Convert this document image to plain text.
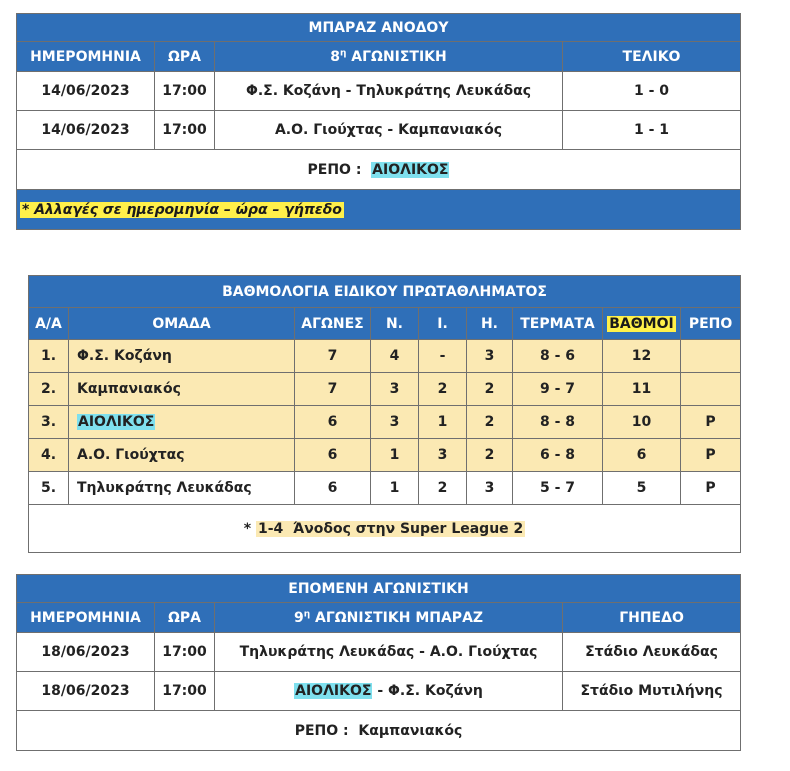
ΜΠΑΡΑΖ ΑΝΟΔΟΥ			
ΗΜΕΡΟΜΗΝΙΑ	ΩΡΑ	$8^\eta$ ΑΓΩΝΙΣΤΙΚΗ	ΤΕΛΙΚΟ
14/06/2023	17:00	Φ.Σ. Κοζάνη - Τηλυκράτης Λευκάδας	1 - 0
14/06/2023	17:00	Α.Ο. Γιούχτας - Καμπανιακός	1 - 1
ΡΕΠΟ : ΑΙΟΛΙΚΟΣ			
* Αλλαγές σε ημερομηνία – ώρα – γήπεδο			
ΒΑΘΜΟΛΟΓΙΑ ΕΙΔΙΚΟΥ ΠΡΩΤΑΘΛΗΜΑΤΟΣ								
Α/Α	ΟΜΑΔΑ	ΑΓΩΝΕΣ	Ν.	Ι.	Η.	ΤΕΡΜΑΤΑ	ΒΑΘΜΟΙ	ΡΕΠΟ
1.	Φ.Σ. Κοζάνη	7	4	-	3	8 - 6	12	
2.	Καμπανιακός	7	3	2	2	9 - 7	11	
3.	ΑΙΟΛΙΚΟΣ	6	3	1	2	8 - 8	10	Ρ
4.	Α.Ο. Γιούχτας	6	1	3	2	6 - 8	6	Ρ
5.	Τηλυκράτης Λευκάδας	6	1	2	3	5 - 7	5	Ρ
* 1-4 Άνοδος στην Super League 2								
ΕΠΟΜΕΝΗ ΑΓΩΝΙΣΤΙΚΗ			
ΗΜΕΡΟΜΗΝΙΑ	ΩΡΑ	$9^\eta$ ΑΓΩΝΙΣΤΙΚΗ ΜΠΑΡΑΖ	ΓΗΠΕΔΟ
18/06/2023	17:00	Τηλυκράτης Λευκάδας - Α.Ο. Γιούχτας	Στάδιο Λευκάδας
18/06/2023	17:00	ΑΙΟΛΙΚΟΣ - Φ.Σ. Κοζάνη	Στάδιο Μυτιλήνης
ΡΕΠΟ : Καμπανιακός			
